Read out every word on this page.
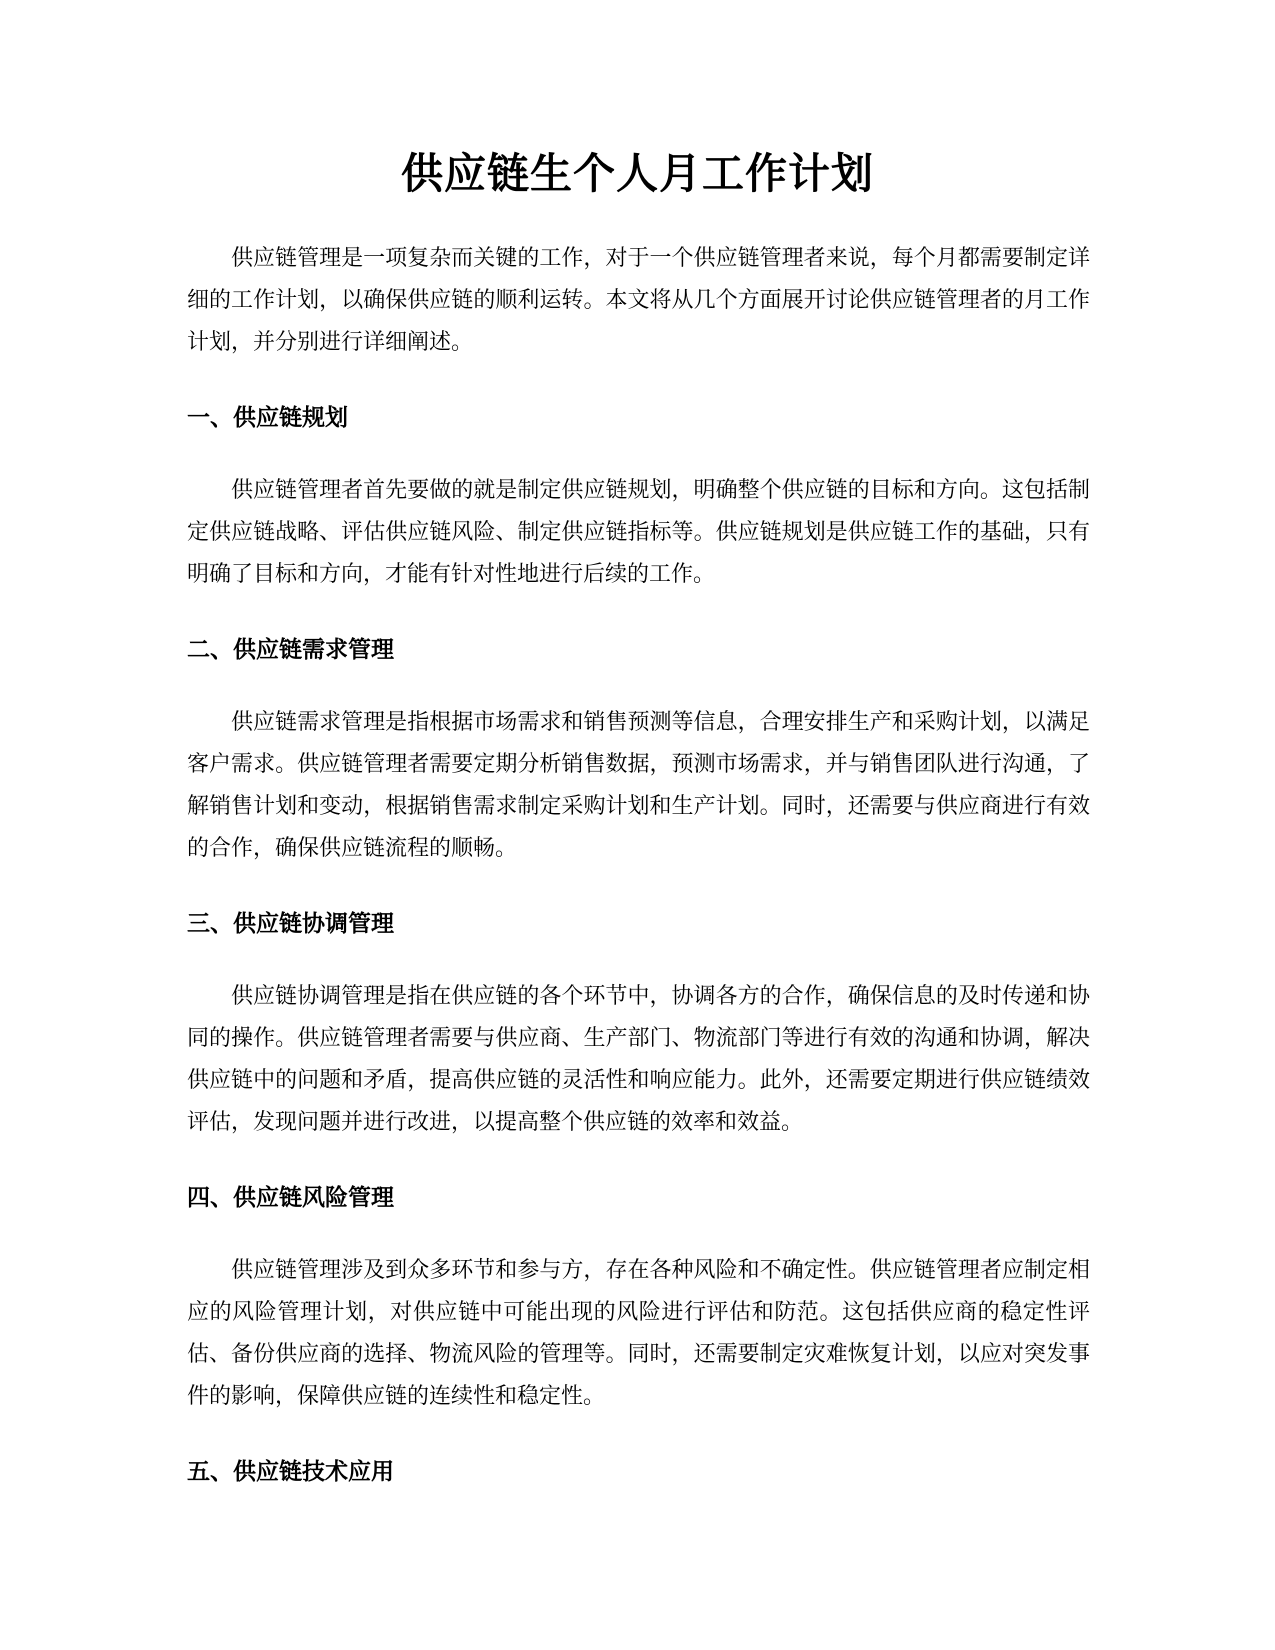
供应链生个人月工作计划

供应链管理是一项复杂而关键的工作，对于一个供应链管理者来说，每个月都需要制定详细的工作计划，以确保供应链的顺利运转。本文将从几个方面展开讨论供应链管理者的月工作计划，并分别进行详细阐述。

一、供应链规划

供应链管理者首先要做的就是制定供应链规划，明确整个供应链的目标和方向。这包括制定供应链战略、评估供应链风险、制定供应链指标等。供应链规划是供应链工作的基础，只有明确了目标和方向，才能有针对性地进行后续的工作。

二、供应链需求管理

供应链需求管理是指根据市场需求和销售预测等信息，合理安排生产和采购计划，以满足客户需求。供应链管理者需要定期分析销售数据，预测市场需求，并与销售团队进行沟通，了解销售计划和变动，根据销售需求制定采购计划和生产计划。同时，还需要与供应商进行有效的合作，确保供应链流程的顺畅。

三、供应链协调管理

供应链协调管理是指在供应链的各个环节中，协调各方的合作，确保信息的及时传递和协同的操作。供应链管理者需要与供应商、生产部门、物流部门等进行有效的沟通和协调，解决供应链中的问题和矛盾，提高供应链的灵活性和响应能力。此外，还需要定期进行供应链绩效评估，发现问题并进行改进，以提高整个供应链的效率和效益。

四、供应链风险管理

供应链管理涉及到众多环节和参与方，存在各种风险和不确定性。供应链管理者应制定相应的风险管理计划，对供应链中可能出现的风险进行评估和防范。这包括供应商的稳定性评估、备份供应商的选择、物流风险的管理等。同时，还需要制定灾难恢复计划，以应对突发事件的影响，保障供应链的连续性和稳定性。

五、供应链技术应用
